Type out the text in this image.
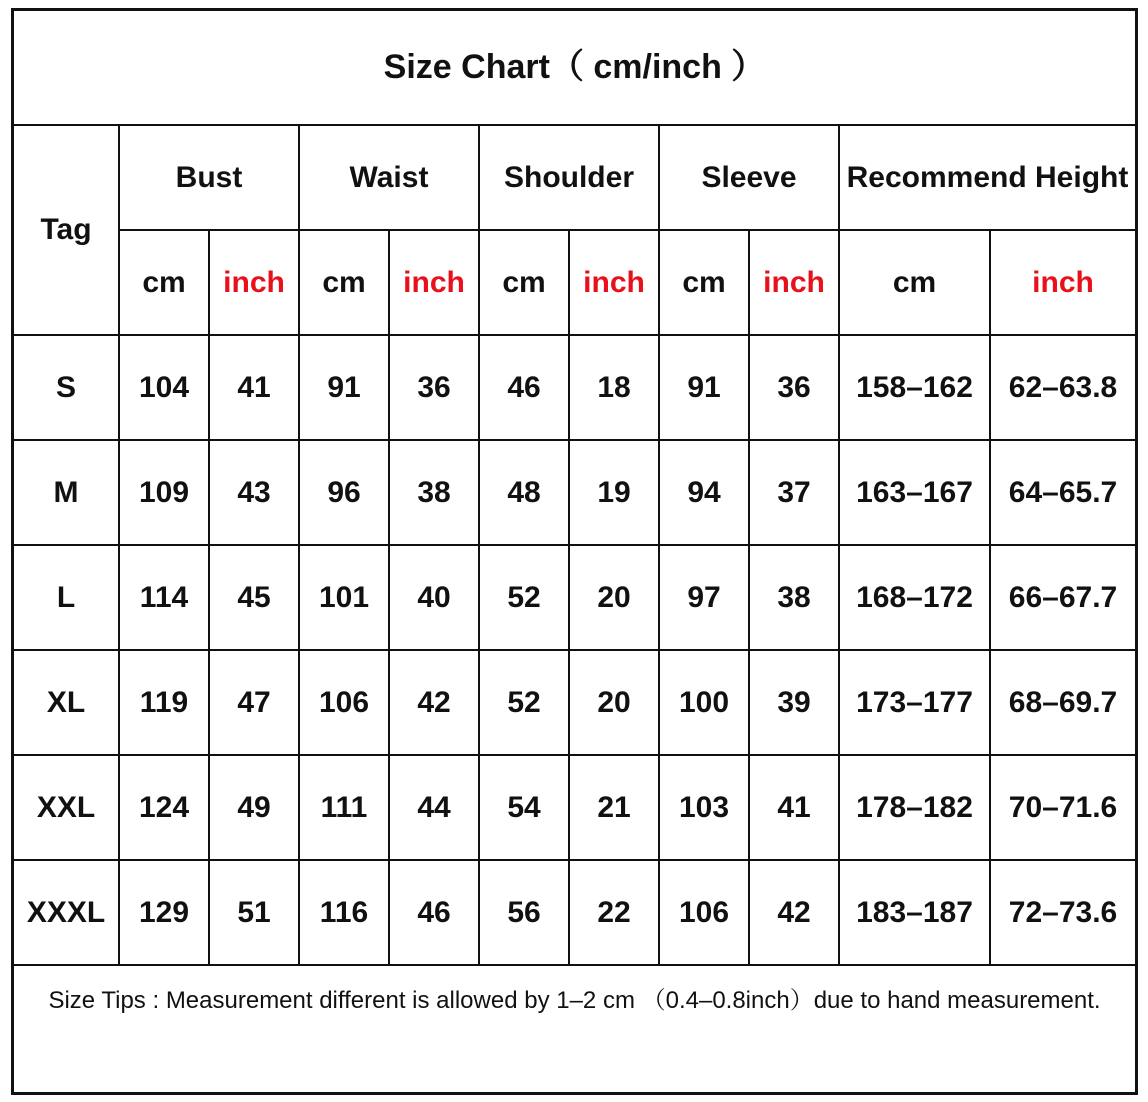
Size Chart（ cm/inch ）
Tag
Bust	Waist	Shoulder	Sleeve	Recommend Height
cm	inch	cm	inch	cm	inch	cm	inch	cm	inch
S	104	41	91	36	46	18	91	36	158–162	62–63.8
M	109	43	96	38	48	19	94	37	163–167	64–65.7
L	114	45	101	40	52	20	97	38	168–172	66–67.7
XL	119	47	106	42	52	20	100	39	173–177	68–69.7
XXL	124	49	111	44	54	21	103	41	178–182	70–71.6
XXXL	129	51	116	46	56	22	106	42	183–187	72–73.6
Size Tips : Measurement different is allowed by 1–2 cm （0.4–0.8inch）due to hand measurement.
